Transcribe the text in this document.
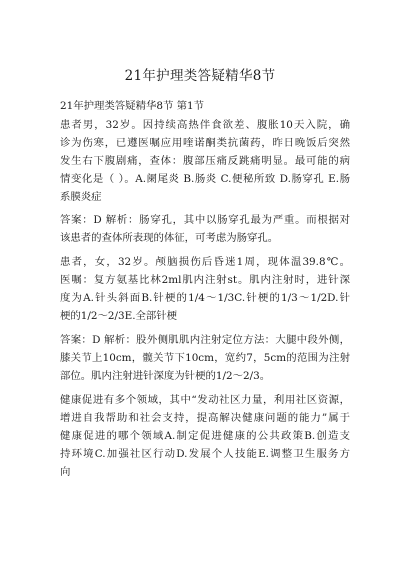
21年护理类答疑精华8节
21年护理类答疑精华8节 第1节
患者男，32岁。因持续高热伴食欲差、腹胀10天入院，确
诊为伤寒，已遵医嘱应用喹诺酮类抗菌药，昨日晚饭后突然
发生右下腹剧痛，查体：腹部压痛反跳痛明显。最可能的病
情变化是（ ）。A.阑尾炎 B.肠炎 C.便秘所致 D.肠穿孔 E.肠
系膜炎症
答案：D 解析：肠穿孔，其中以肠穿孔最为严重。而根据对
该患者的查体所表现的体征，可考虑为肠穿孔。
患者，女，32岁。颅脑损伤后昏迷1周，现体温39.8℃。
医嘱：复方氨基比林2ml肌内注射st。肌内注射时，进针深
度为A.针头斜面B.针梗的1/4～1/3C.针梗的1/3～1/2D.针
梗的1/2～2/3E.全部针梗
答案：D 解析：股外侧肌肌内注射定位方法：大腿中段外侧，
膝关节上10cm，髋关节下10cm，宽约7，5cm的范围为注射
部位。肌内注射进针深度为针梗的1/2～2/3。
健康促进有多个领域，其中“发动社区力量，利用社区资源，
增进自我帮助和社会支持，提高解决健康问题的能力”属于
健康促进的哪个领域A.制定促进健康的公共政策B.创造支
持环境C.加强社区行动D.发展个人技能E.调整卫生服务方
向
